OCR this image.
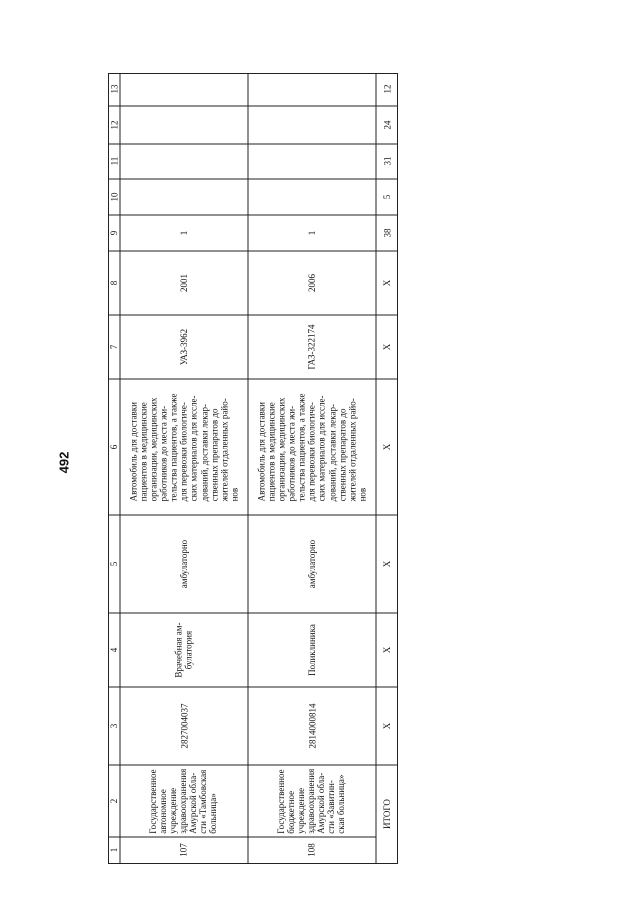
492
13
12
11
10
9
8
7
6
5
4
3
2
1	107
Государственное
автономное
учреждение
здравоохранения
Амурской обла-
сти «Тамбовская
больница»
2827004037
Врачебная ам-
булатория
амбулаторно
Автомобиль для доставки
пациентов в медицинские
организации, медицинских
работников до места жи-
тельства пациентов, а также
для перевозки биологиче-
ских материалов для иссле-
дований, доставки лекар-
ственных препаратов до
жителей отдаленных райо-
нов
УАЗ-3962
2001
1
108
Государственное
бюджетное
учреждение
здравоохранения
Амурской обла-
сти «Завитин-
ская больница»
2814000814
Поликлиника
амбулаторно
Автомобиль для доставки
пациентов в медицинские
организации, медицинских
работников до места жи-
тельства пациентов, а также
для перевозки биологиче-
ских материалов для иссле-
дований, доставки лекар-
ственных препаратов до
жителей отдаленных райо-
нов
ГАЗ-322174
2006
1
ИТОГО
Х
Х
Х
Х
Х
Х
38
5
31
24
12
